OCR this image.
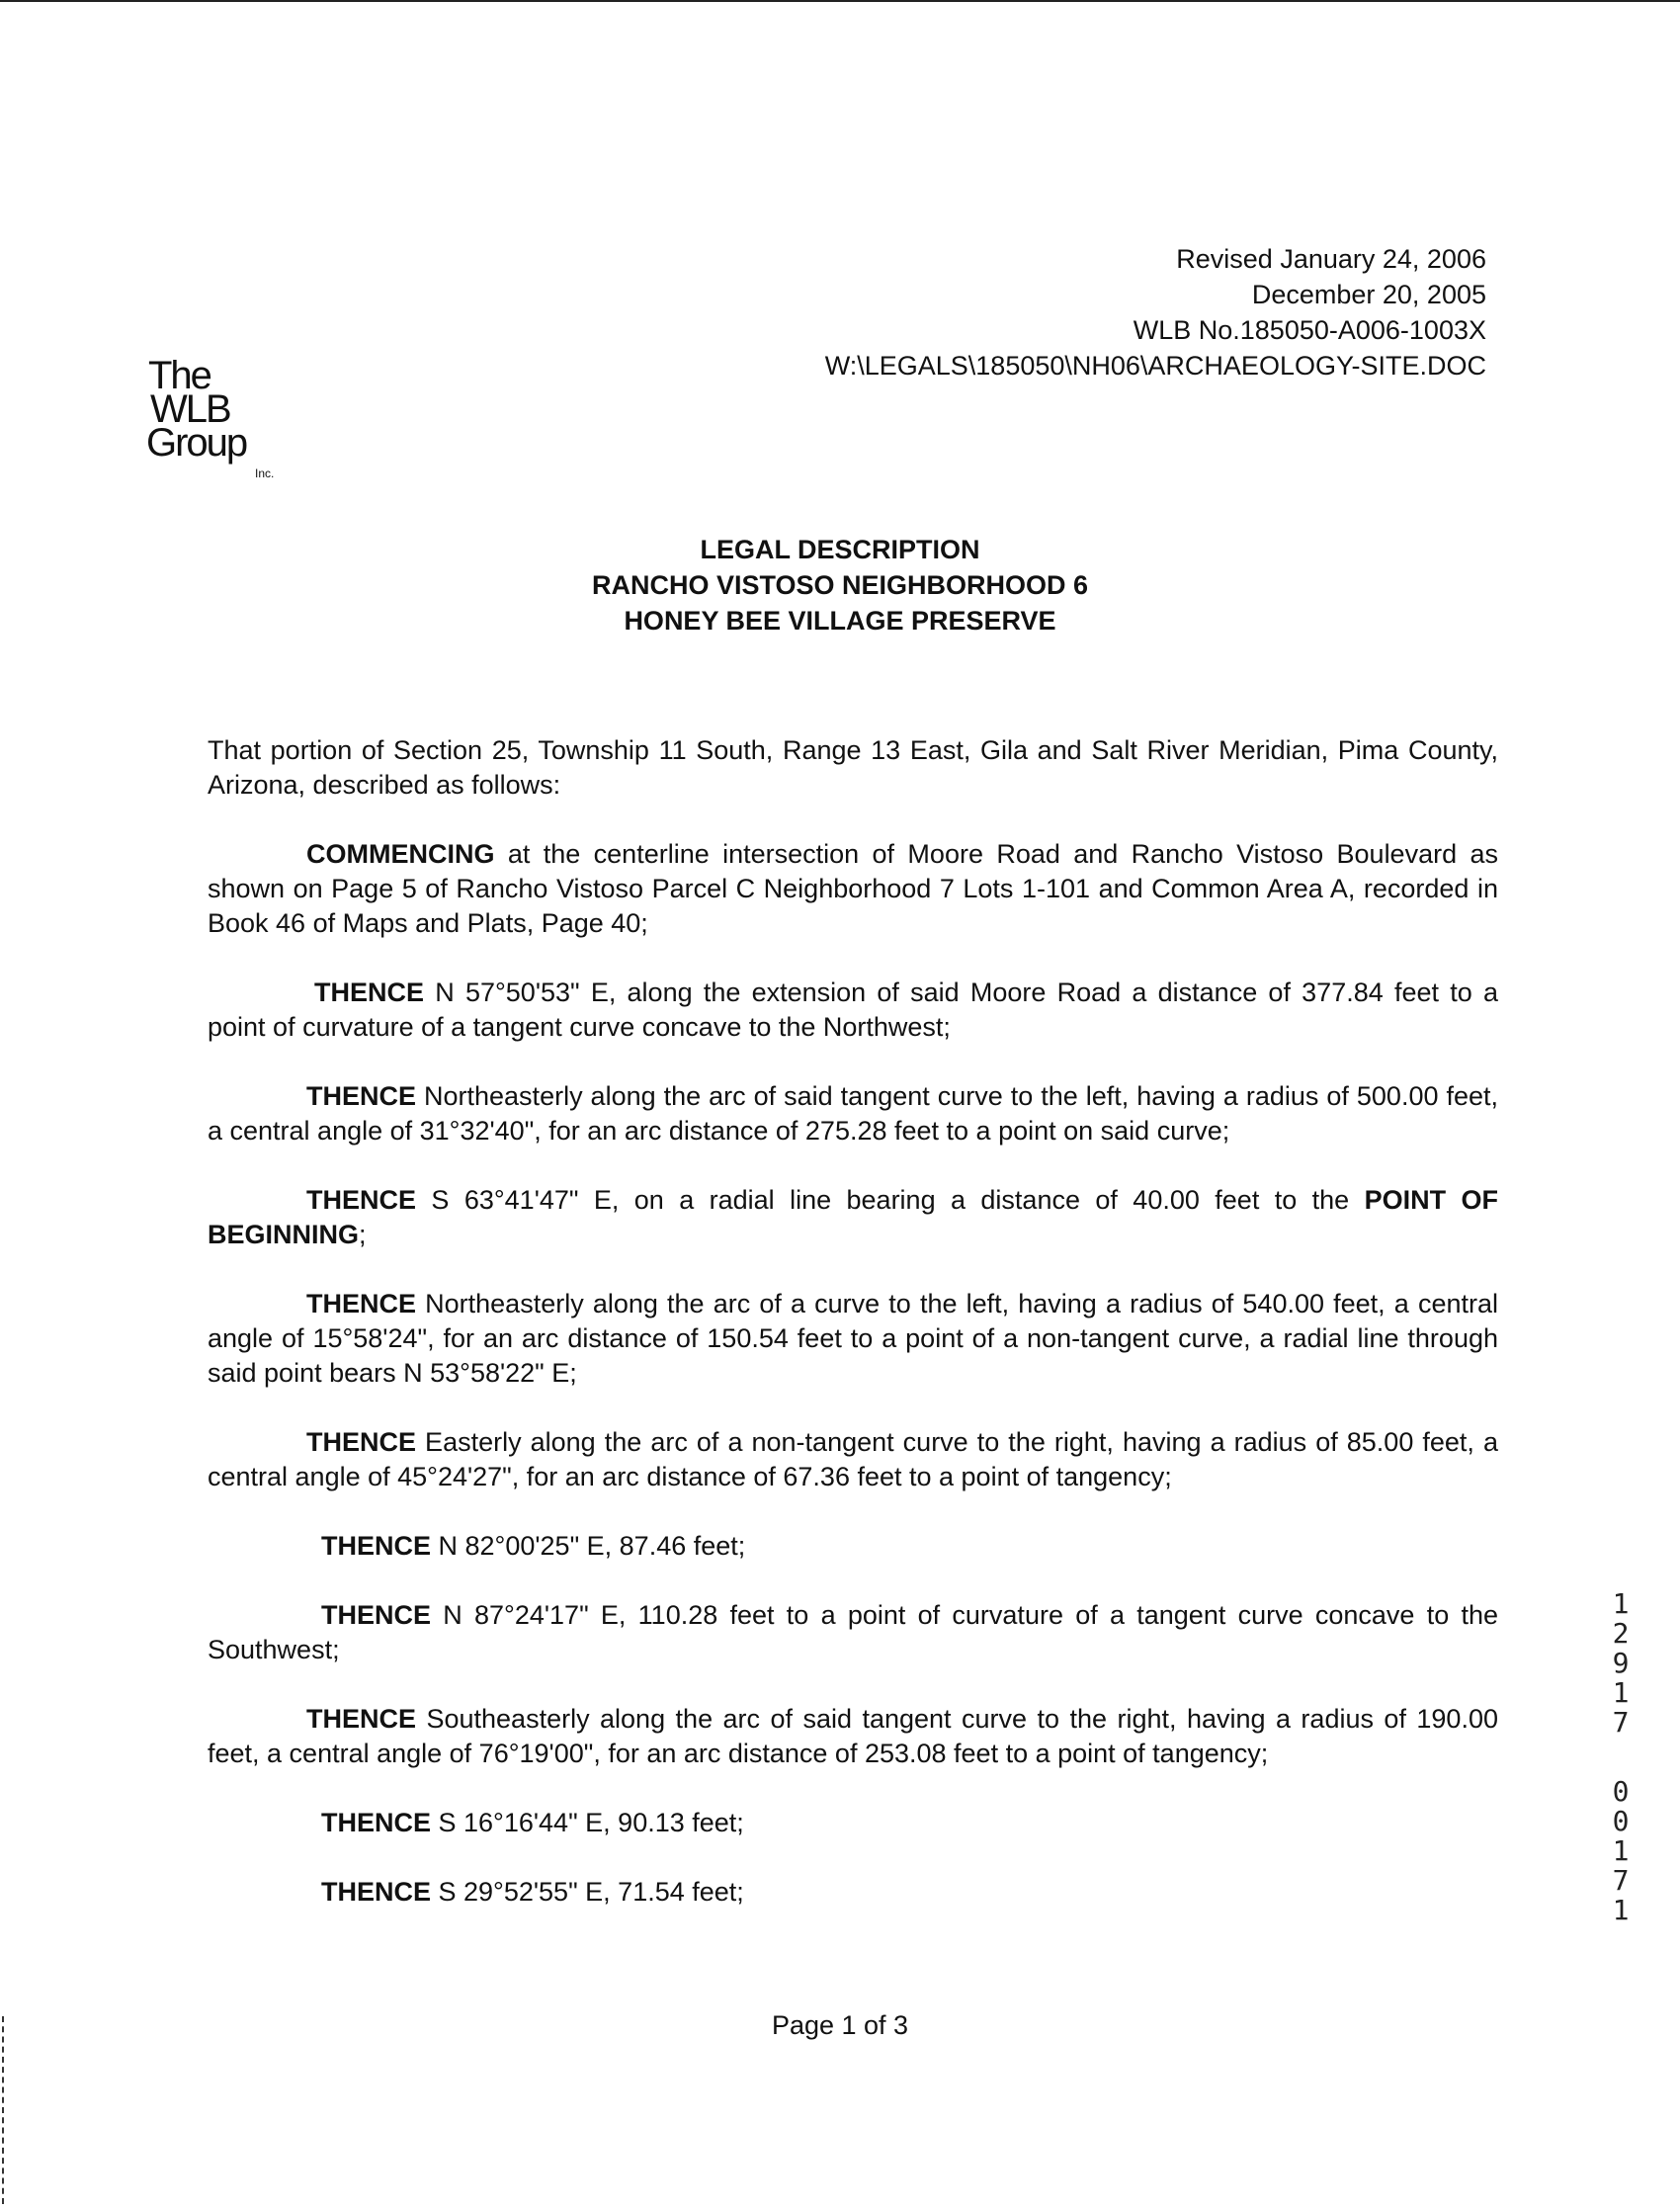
Revised January 24, 2006
December 20, 2005
WLB No.185050-A006-1003X
W:\LEGALS\185050\NH06\ARCHAEOLOGY-SITE.DOC
The
WLB
Group
Inc.
LEGAL DESCRIPTION
RANCHO VISTOSO NEIGHBORHOOD 6
HONEY BEE VILLAGE PRESERVE

That portion of Section 25, Township 11 South, Range 13 East, Gila and Salt River Meridian, Pima County, Arizona, described as follows:

COMMENCING at the centerline intersection of Moore Road and Rancho Vistoso Boulevard as shown on Page 5 of Rancho Vistoso Parcel C Neighborhood 7 Lots 1-101 and Common Area A, recorded in Book 46 of Maps and Plats, Page 40;

THENCE N 57°50'53" E, along the extension of said Moore Road a distance of 377.84 feet to a point of curvature of a tangent curve concave to the Northwest;

THENCE Northeasterly along the arc of said tangent curve to the left, having a radius of 500.00 feet, a central angle of 31°32'40", for an arc distance of 275.28 feet to a point on said curve;

THENCE S 63°41'47" E, on a radial line bearing a distance of 40.00 feet to the POINT OF BEGINNING;

THENCE Northeasterly along the arc of a curve to the left, having a radius of 540.00 feet, a central angle of 15°58'24", for an arc distance of 150.54 feet to a point of a non-tangent curve, a radial line through said point bears N 53°58'22" E;

THENCE Easterly along the arc of a non-tangent curve to the right, having a radius of 85.00 feet, a central angle of 45°24'27", for an arc distance of 67.36 feet to a point of tangency;

THENCE N 82°00'25" E, 87.46 feet;

THENCE N 87°24'17" E, 110.28 feet to a point of curvature of a tangent curve concave to the Southwest;

THENCE Southeasterly along the arc of said tangent curve to the right, having a radius of 190.00 feet, a central angle of 76°19'00", for an arc distance of 253.08 feet to a point of tangency;

THENCE S 16°16'44" E, 90.13 feet;

THENCE S 29°52'55" E, 71.54 feet;

Page 1 of 3
1
2
9
1
7
0
0
1
7
1
